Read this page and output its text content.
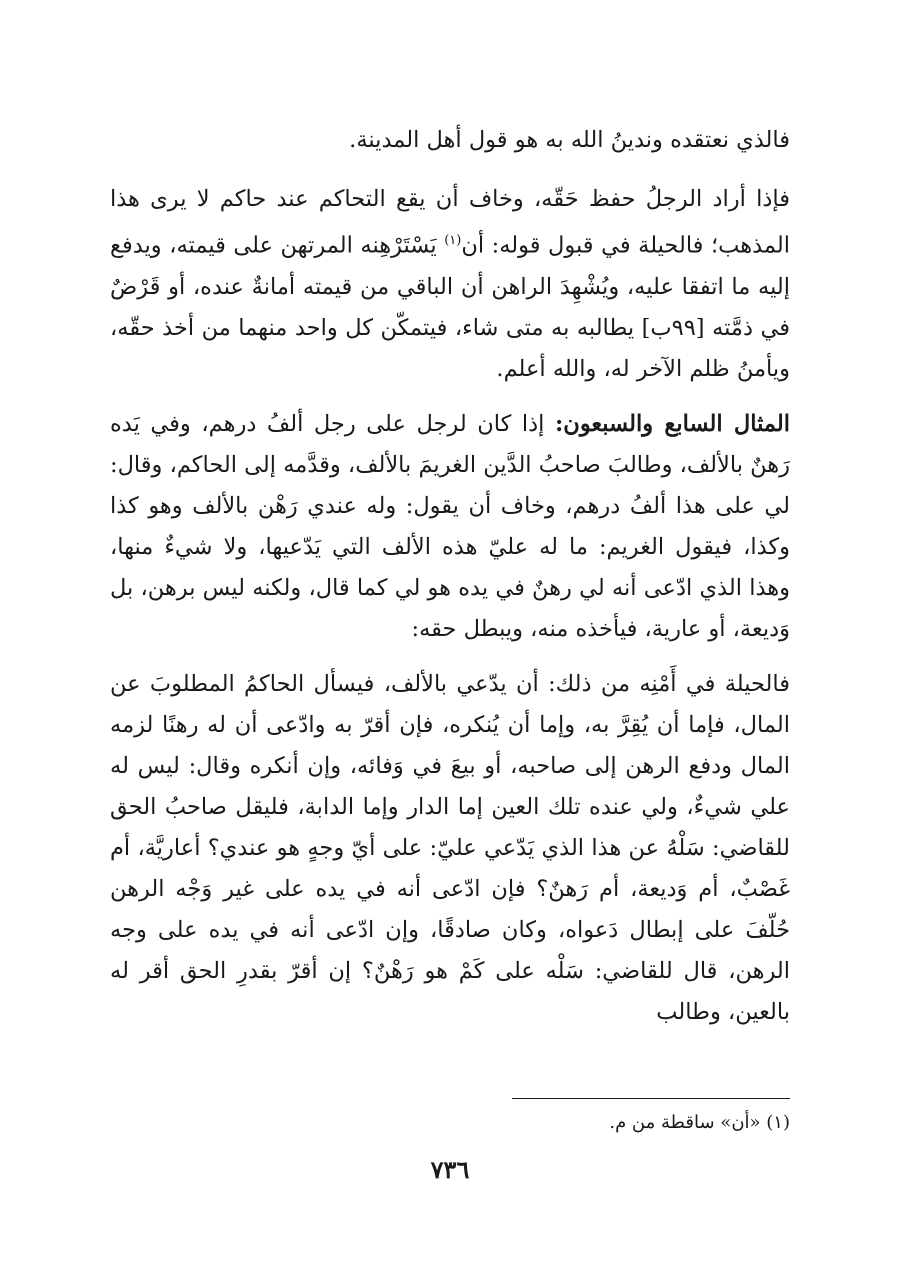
فالذي نعتقده وندينُ الله به هو قول أهل المدينة.

فإذا أراد الرجلُ حفظ حَقّه، وخاف أن يقع التحاكم عند حاكم لا يرى هذا المذهب؛ فالحيلة في قبول قوله: أن$^{(١)}$ يَسْتَرْهِنه المرتهن على قيمته، ويدفع إليه ما اتفقا عليه، ويُشْهِدَ الراهن أن الباقي من قيمته أمانةٌ عنده، أو قَرْضٌ في ذمَّته [٩٩ب] يطالبه به متى شاء، فيتمكّن كل واحد منهما من أخذ حقّه، ويأمنُ ظلم الآخر له، والله أعلم.

المثال السابع والسبعون: إذا كان لرجل على رجل ألفُ درهم، وفي يَده رَهنٌ بالألف، وطالبَ صاحبُ الدَّين الغريمَ بالألف، وقدَّمه إلى الحاكم، وقال: لي على هذا ألفُ درهم، وخاف أن يقول: وله عندي رَهْن بالألف وهو كذا وكذا، فيقول الغريم: ما له عليّ هذه الألف التي يَدّعيها، ولا شيءٌ منها، وهذا الذي ادّعى أنه لي رهنٌ في يده هو لي كما قال، ولكنه ليس برهن، بل وَديعة، أو عارية، فيأخذه منه، ويبطل حقه:

فالحيلة في أَمْنِه من ذلك: أن يدّعي بالألف، فيسأل الحاكمُ المطلوبَ عن المال، فإما أن يُقِرَّ به، وإما أن يُنكره، فإن أقرّ به وادّعى أن له رهنًا لزمه المال ودفع الرهن إلى صاحبه، أو بيعَ في وَفائه، وإن أنكره وقال: ليس له علي شيءٌ، ولي عنده تلك العين إما الدار وإما الدابة، فليقل صاحبُ الحق للقاضي: سَلْهُ عن هذا الذي يَدّعي عليّ: على أيّ وجهٍ هو عندي؟ أعاريَّة، أم غَصْبٌ، أم وَديعة، أم رَهنٌ؟ فإن ادّعى أنه في يده على غير وَجْه الرهن حُلّفَ على إبطال دَعواه، وكان صادقًا، وإن ادّعى أنه في يده على وجه الرهن، قال للقاضي: سَلْه على كَمْ هو رَهْنٌ؟ إن أقرّ بقدرِ الحق أقر له بالعين، وطالب

(١) «أن» ساقطة من م.
٧٣٦
